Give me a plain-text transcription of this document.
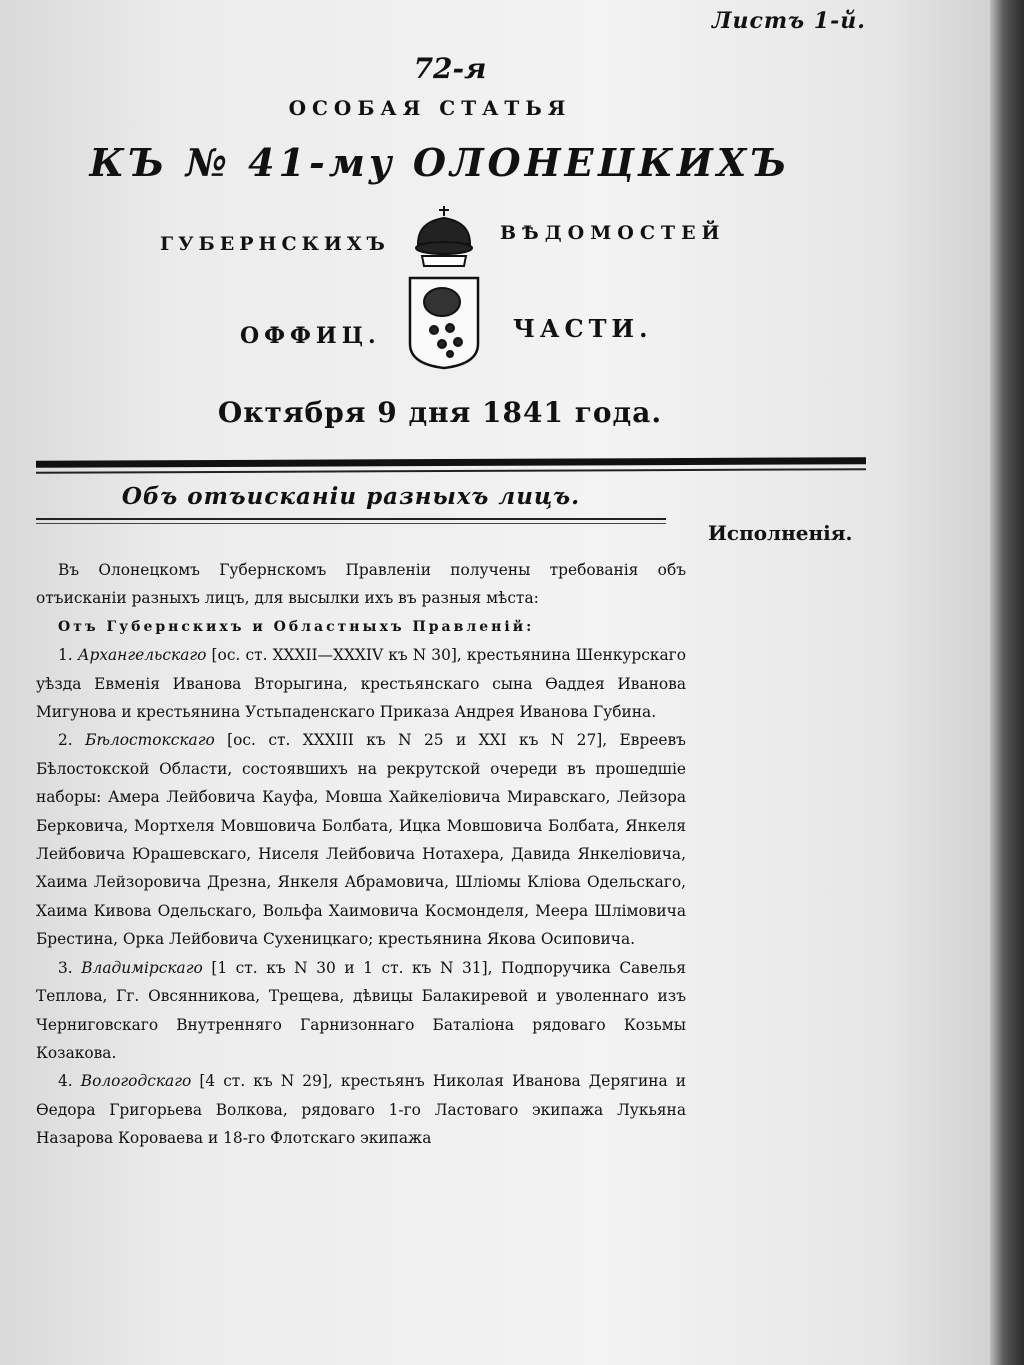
Листъ 1-й.
72-я
ОСОБАЯ СТАТЬЯ
КЪ № 41-му ОЛОНЕЦКИХЪ
ГУБЕРНСКИХЪ	ВѢДОМОСТЕЙ
ОФФИЦ.	ЧАСТИ.
Октября 9 дня 1841 года.
Объ отъисканіи разныхъ лицъ.
Исполненія.

Въ Олонецкомъ Губернскомъ Правленіи получены требованія объ отъисканіи разныхъ лицъ, для высылки ихъ въ разныя мѣста:

Отъ Губернскихъ и Областныхъ Правленій:

1. Архангельскаго [ос. ст. XXXII—XXXIV къ N 30], крестьянина Шенкурскаго уѣзда Евменія Иванова Вторыгина, крестьянскаго сына Ѳаддея Иванова Мигунова и крестьянина Устьпаденскаго Приказа Андрея Иванова Губина.

2. Бѣлостокскаго [ос. ст. XXXIII къ N 25 и XXI къ N 27], Евреевъ Бѣлостокской Области, состоявшихъ на рекрутской очереди въ прошедшіе наборы: Амера Лейбовича Кауфа, Мовша Хайкелiовича Миравскаго, Лейзора Берковича, Мортхеля Мовшовича Болбата, Ицка Мовшовича Болбата, Янкеля Лейбовича Юрашевскаго, Ниселя Лейбовича Нотахера, Давида Янкеліовича, Хаима Лейзоровича Дрезна, Янкеля Абрамовича, Шліомы Кліова Одельскаго, Хаима Кивова Одельскаго, Вольфа Хаимовича Космонделя, Меера Шлімовича Брестина, Орка Лейбовича Сухеницкаго; крестьянина Якова Осиповича.

3. Владимірскаго [1 ст. къ N 30 и 1 ст. къ N 31], Подпоручика Савелья Теплова, Гг. Овсянникова, Трещева, дѣвицы Балакиревой и уволеннаго изъ Черниговскаго Внутренняго Гарнизоннаго Баталіона рядоваго Козьмы Козакова.

4. Вологодскаго [4 ст. къ N 29], крестьянъ Николая Иванова Дерягина и Ѳедора Григорьева Волкова, рядоваго 1-го Ластоваго экипажа Лукьяна Назарова Короваева и 18-го Флотскаго экипажа
